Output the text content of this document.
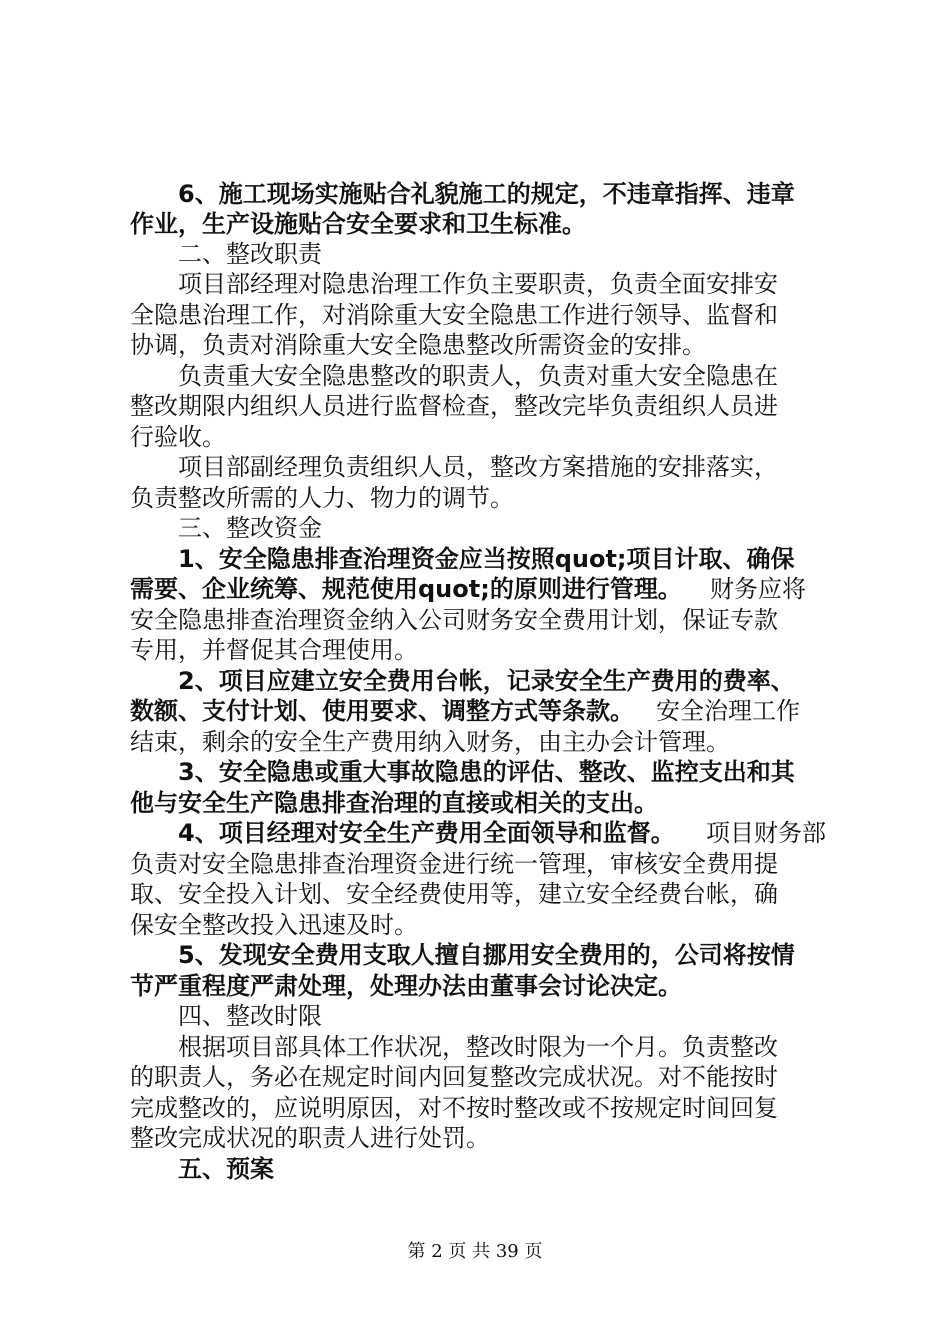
6、施工现场实施贴合礼貌施工的规定，不违章指挥、违章
作业，生产设施贴合安全要求和卫生标准。
二、整改职责
项目部经理对隐患治理工作负主要职责，负责全面安排安
全隐患治理工作，对消除重大安全隐患工作进行领导、监督和
协调，负责对消除重大安全隐患整改所需资金的安排。
负责重大安全隐患整改的职责人，负责对重大安全隐患在
整改期限内组织人员进行监督检查，整改完毕负责组织人员进
行验收。
项目部副经理负责组织人员，整改方案措施的安排落实，
负责整改所需的人力、物力的调节。
三、整改资金
1、安全隐患排查治理资金应当按照quot;项目计取、确保
需要、企业统筹、规范使用quot;的原则进行管理。 财务应将
安全隐患排查治理资金纳入公司财务安全费用计划，保证专款
专用，并督促其合理使用。
2、项目应建立安全费用台帐，记录安全生产费用的费率、
数额、支付计划、使用要求、调整方式等条款。 安全治理工作
结束，剩余的安全生产费用纳入财务，由主办会计管理。
3、安全隐患或重大事故隐患的评估、整改、监控支出和其
他与安全生产隐患排查治理的直接或相关的支出。
4、项目经理对安全生产费用全面领导和监督。 项目财务部
负责对安全隐患排查治理资金进行统一管理，审核安全费用提
取、安全投入计划、安全经费使用等，建立安全经费台帐，确
保安全整改投入迅速及时。
5、发现安全费用支取人擅自挪用安全费用的，公司将按情
节严重程度严肃处理，处理办法由董事会讨论决定。
四、整改时限
根据项目部具体工作状况，整改时限为一个月。负责整改
的职责人，务必在规定时间内回复整改完成状况。对不能按时
完成整改的，应说明原因，对不按时整改或不按规定时间回复
整改完成状况的职责人进行处罚。
五、预案
第 2 页 共 39 页
